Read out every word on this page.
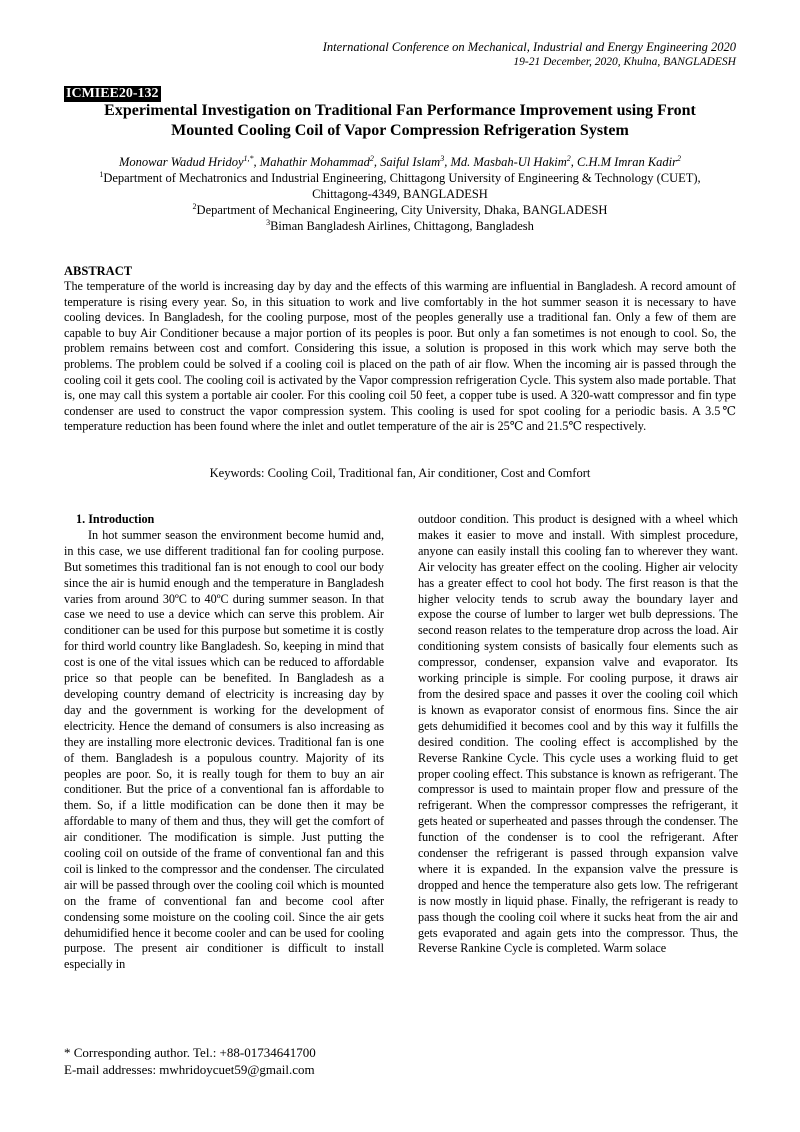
International Conference on Mechanical, Industrial and Energy Engineering 2020
19-21 December, 2020, Khulna, BANGLADESH
ICMIEE20-132
Experimental Investigation on Traditional Fan Performance Improvement using Front
Mounted Cooling Coil of Vapor Compression Refrigeration System
Monowar Wadud Hridoy$^{1,*}$, Mahathir Mohammad$^2$, Saiful Islam$^3$, Md. Masbah-Ul Hakim$^2$, C.H.M Imran Kadir$^2$
$^1$Department of Mechatronics and Industrial Engineering, Chittagong University of Engineering & Technology (CUET),
Chittagong-4349, BANGLADESH
$^2$Department of Mechanical Engineering, City University, Dhaka, BANGLADESH
$^3$Biman Bangladesh Airlines, Chittagong, Bangladesh
ABSTRACT
The temperature of the world is increasing day by day and the effects of this warming are influential in Bangladesh. A record amount of temperature is rising every year. So, in this situation to work and live comfortably in the hot summer season it is necessary to have cooling devices. In Bangladesh, for the cooling purpose, most of the peoples generally use a traditional fan. Only a few of them are capable to buy Air Conditioner because a major portion of its peoples is poor. But only a fan sometimes is not enough to cool. So, the problem remains between cost and comfort. Considering this issue, a solution is proposed in this work which may serve both the problems. The problem could be solved if a cooling coil is placed on the path of air flow. When the incoming air is passed through the cooling coil it gets cool. The cooling coil is activated by the Vapor compression refrigeration Cycle. This system also made portable. That is, one may call this system a portable air cooler. For this cooling coil 50 feet, a copper tube is used. A 320-watt compressor and fin type condenser are used to construct the vapor compression system. This cooling is used for spot cooling for a periodic basis. A 3.5℃ temperature reduction has been found where the inlet and outlet temperature of the air is 25℃ and 21.5℃ respectively.
Keywords: Cooling Coil, Traditional fan, Air conditioner, Cost and Comfort
1. Introduction
In hot summer season the environment become humid and, in this case, we use different traditional fan for cooling purpose. But sometimes this traditional fan is not enough to cool our body since the air is humid enough and the temperature in Bangladesh varies from around 30ºC to 40ºC during summer season. In that case we need to use a device which can serve this problem. Air conditioner can be used for this purpose but sometime it is costly for third world country like Bangladesh. So, keeping in mind that cost is one of the vital issues which can be reduced to affordable price so that people can be benefited. In Bangladesh as a developing country demand of electricity is increasing day by day and the government is working for the development of electricity. Hence the demand of consumers is also increasing as they are installing more electronic devices. Traditional fan is one of them. Bangladesh is a populous country. Majority of its peoples are poor. So, it is really tough for them to buy an air conditioner. But the price of a conventional fan is affordable to them. So, if a little modification can be done then it may be affordable to many of them and thus, they will get the comfort of air conditioner. The modification is simple. Just putting the cooling coil on outside of the frame of conventional fan and this coil is linked to the compressor and the condenser. The circulated air will be passed through over the cooling coil which is mounted on the frame of conventional fan and become cool after condensing some moisture on the cooling coil. Since the air gets dehumidified hence it become cooler and can be used for cooling purpose. The present air conditioner is difficult to install especially in
outdoor condition. This product is designed with a wheel which makes it easier to move and install. With simplest procedure, anyone can easily install this cooling fan to wherever they want. Air velocity has greater effect on the cooling. Higher air velocity has a greater effect to cool hot body. The first reason is that the higher velocity tends to scrub away the boundary layer and expose the course of lumber to larger wet bulb depressions. The second reason relates to the temperature drop across the load. Air conditioning system consists of basically four elements such as compressor, condenser, expansion valve and evaporator. Its working principle is simple. For cooling purpose, it draws air from the desired space and passes it over the cooling coil which is known as evaporator consist of enormous fins. Since the air gets dehumidified it becomes cool and by this way it fulfills the desired condition. The cooling effect is accomplished by the Reverse Rankine Cycle. This cycle uses a working fluid to get proper cooling effect. This substance is known as refrigerant. The compressor is used to maintain proper flow and pressure of the refrigerant. When the compressor compresses the refrigerant, it gets heated or superheated and passes through the condenser. The function of the condenser is to cool the refrigerant. After condenser the refrigerant is passed through expansion valve where it is expanded. In the expansion valve the pressure is dropped and hence the temperature also gets low. The refrigerant is now mostly in liquid phase. Finally, the refrigerant is ready to pass though the cooling coil where it sucks heat from the air and gets evaporated and again gets into the compressor. Thus, the Reverse Rankine Cycle is completed. Warm solace
* Corresponding author. Tel.: +88-01734641700
E-mail addresses: mwhridoycuet59@gmail.com
